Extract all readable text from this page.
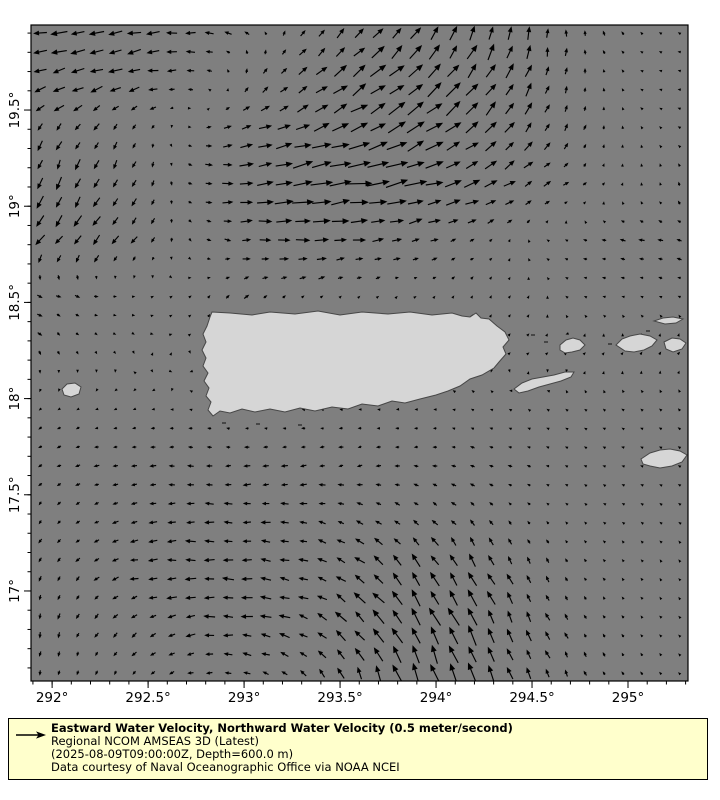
292°	292.5°	293°	293.5°	294°	294.5°	295°
19.5°
19°
18.5°
18°
17.5°
17°
Eastward Water Velocity, Northward Water Velocity (0.5 meter/second)
Regional NCOM AMSEAS 3D (Latest)
(2025-08-09T09:00:00Z, Depth=600.0 m)
Data courtesy of Naval Oceanographic Office via NOAA NCEI
